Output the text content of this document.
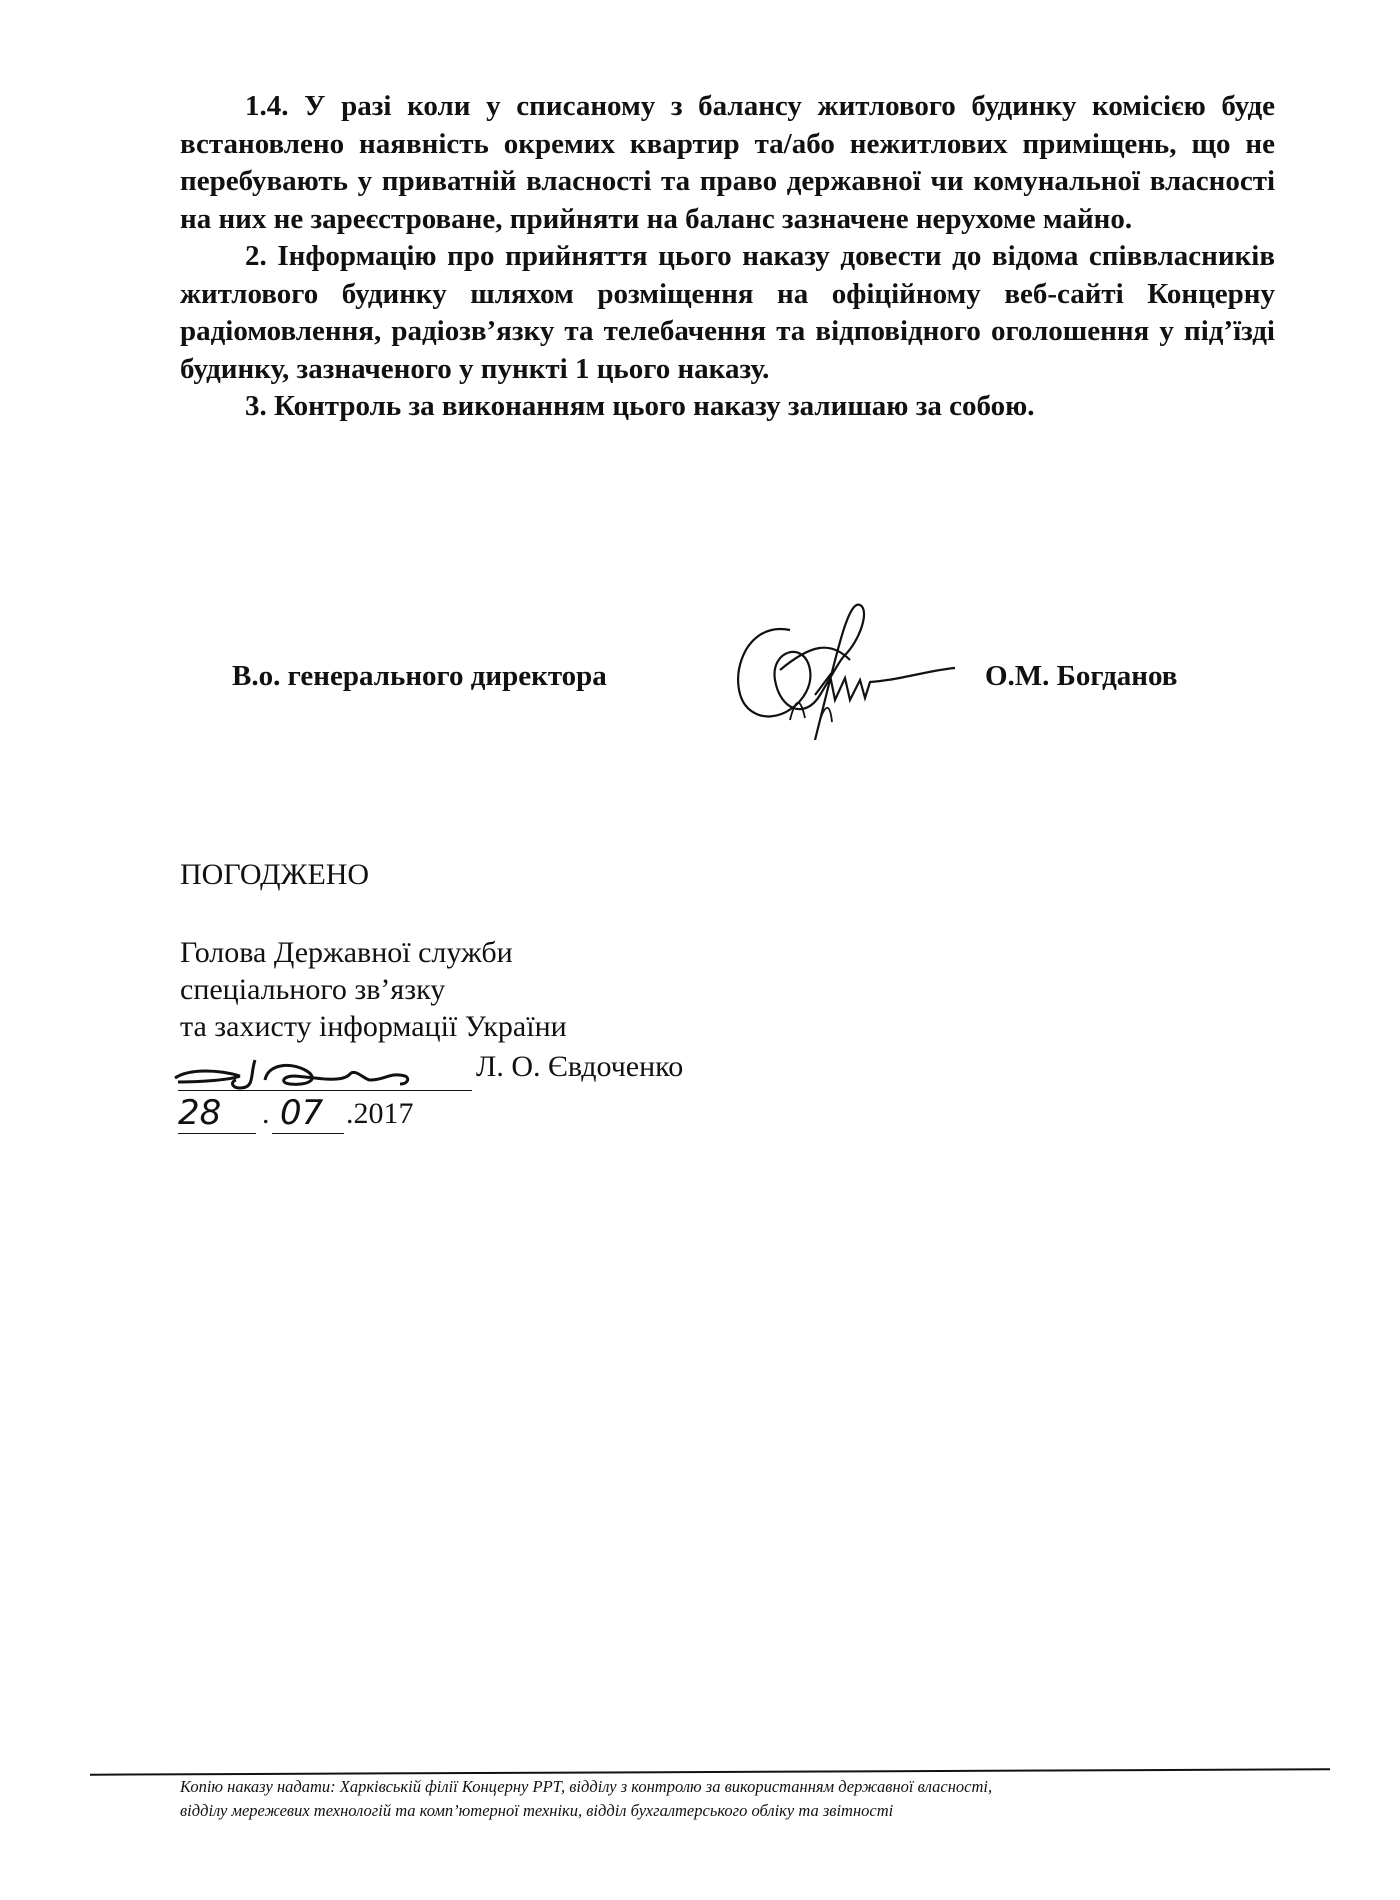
1.4. У разі коли у списаному з балансу житлового будинку комісією буде встановлено наявність окремих квартир та/або нежитлових приміщень, що не перебувають у приватній власності та право державної чи комунальної власності на них не зареєстроване, прийняти на баланс зазначене нерухоме майно.

2. Інформацію про прийняття цього наказу довести до відома співвласників житлового будинку шляхом розміщення на офіційному веб-сайті Концерну радіомовлення, радіозв’язку та телебачення та відповідного оголошення у під’їзді будинку, зазначеного у пункті 1 цього наказу.

3. Контроль за виконанням цього наказу залишаю за собою.

В.о. генерального директора	О.М. Богданов
ПОГОДЖЕНО
Голова Державної служби
спеціального зв’язку
та захисту інформації України
Л. О. Євдоченко
28 . 07 .2017

Копію наказу надати: Харківській філії Концерну РРТ, відділу з контролю за використанням державної власності,

відділу мережевих технологій та комп’ютерної техніки, відділ бухгалтерського обліку та звітності
